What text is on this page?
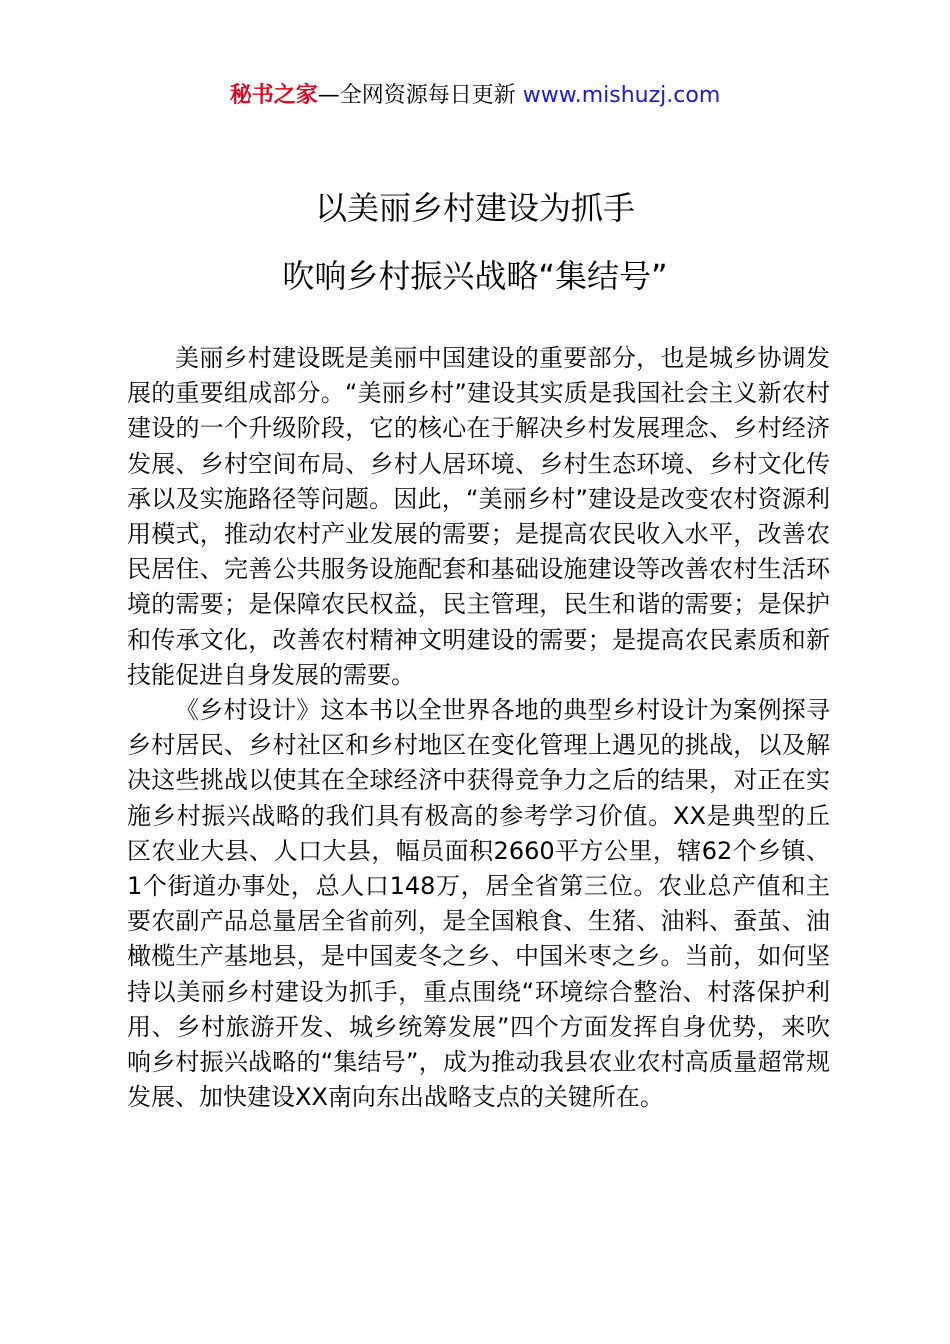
秘书之家—全网资源每日更新 www.mishuzj.com
以美丽乡村建设为抓手
吹响乡村振兴战略“集结号”

美丽乡村建设既是美丽中国建设的重要部分，也是城乡协调发展的重要组成部分。“美丽乡村”建设其实质是我国社会主义新农村建设的一个升级阶段，它的核心在于解决乡村发展理念、乡村经济发展、乡村空间布局、乡村人居环境、乡村生态环境、乡村文化传承以及实施路径等问题。因此，“美丽乡村”建设是改变农村资源利用模式，推动农村产业发展的需要；是提高农民收入水平，改善农民居住、完善公共服务设施配套和基础设施建设等改善农村生活环境的需要；是保障农民权益，民主管理，民生和谐的需要；是保护和传承文化，改善农村精神文明建设的需要；是提高农民素质和新技能促进自身发展的需要。

《乡村设计》这本书以全世界各地的典型乡村设计为案例探寻乡村居民、乡村社区和乡村地区在变化管理上遇见的挑战，以及解决这些挑战以使其在全球经济中获得竞争力之后的结果，对正在实施乡村振兴战略的我们具有极高的参考学习价值。XX是典型的丘区农业大县、人口大县，幅员面积2660平方公里，辖62个乡镇、1个街道办事处，总人口148万，居全省第三位。农业总产值和主要农副产品总量居全省前列，是全国粮食、生猪、油料、蚕茧、油橄榄生产基地县，是中国麦冬之乡、中国米枣之乡。当前，如何坚持以美丽乡村建设为抓手，重点围绕“环境综合整治、村落保护利用、乡村旅游开发、城乡统筹发展”四个方面发挥自身优势，来吹响乡村振兴战略的“集结号”，成为推动我县农业农村高质量超常规发展、加快建设XX南向东出战略支点的关键所在。
